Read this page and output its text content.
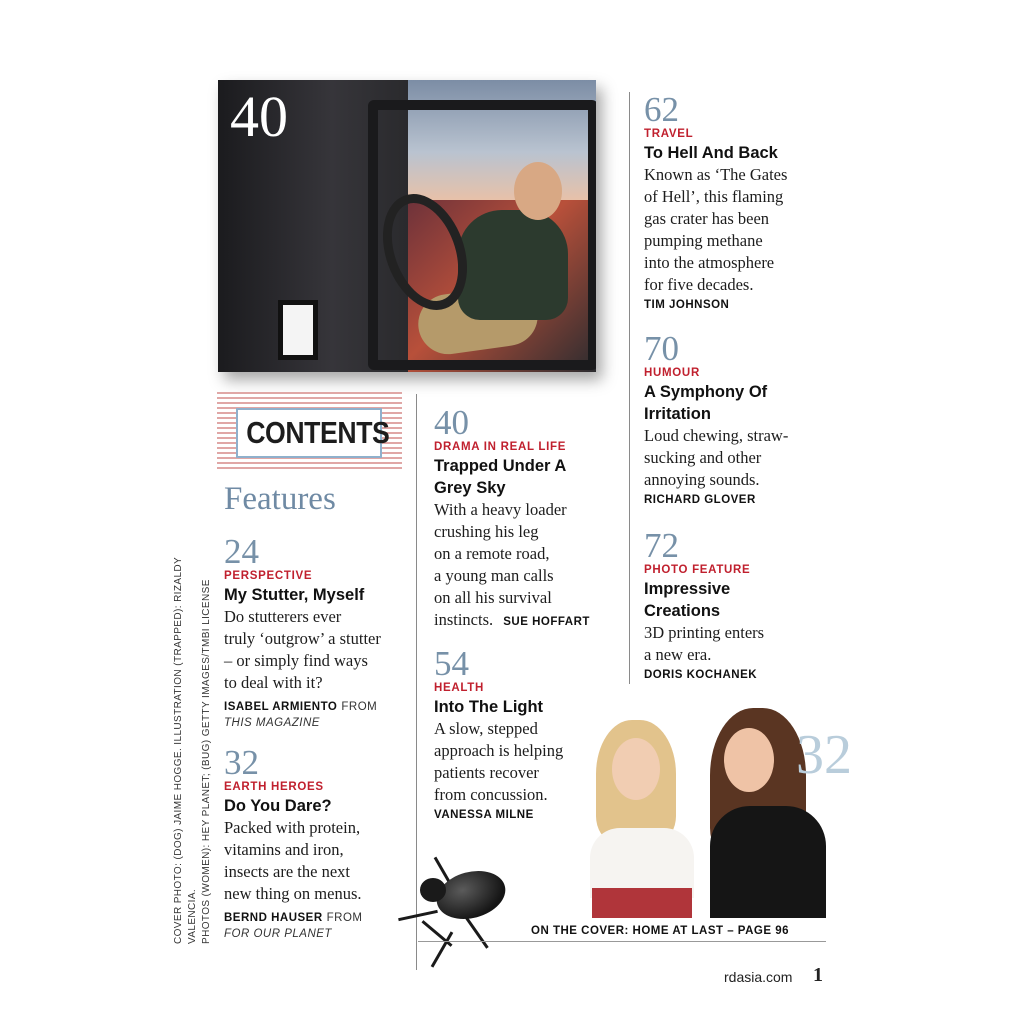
40
COVER PHOTO: (DOG) JAIME HOGGE. ILLUSTRATION (TRAPPED): RIZALDY VALENCIA. PHOTOS (WOMEN): HEY PLANET; (BUG) GETTY IMAGES/TMBI LICENSE
CONTENTS
Features
24
PERSPECTIVE
My Stutter, Myself
Do stutterers ever
truly ‘outgrow’ a stutter
– or simply find ways
to deal with it?
ISABEL ARMIENTO FROM
THIS MAGAZINE
32
EARTH HEROES
Do You Dare?
Packed with protein,
vitamins and iron,
insects are the next
new thing on menus.
BERND HAUSER FROM
FOR OUR PLANET
40
DRAMA IN REAL LIFE
Trapped Under A
Grey Sky
With a heavy loader
crushing his leg
on a remote road,
a young man calls
on all his survival
instincts. SUE HOFFART
54
HEALTH
Into The Light
A slow, stepped
approach is helping
patients recover
from concussion.
VANESSA MILNE
62
TRAVEL
To Hell And Back
Known as ‘The Gates
of Hell’, this flaming
gas crater has been
pumping methane
into the atmosphere
for five decades.
TIM JOHNSON
70
HUMOUR
A Symphony Of
Irritation
Loud chewing, straw-
sucking and other
annoying sounds.
RICHARD GLOVER
72
PHOTO FEATURE
Impressive
Creations
3D printing enters
a new era.
DORIS KOCHANEK
32
ON THE COVER: HOME AT LAST – PAGE 96
rdasia.com 1
